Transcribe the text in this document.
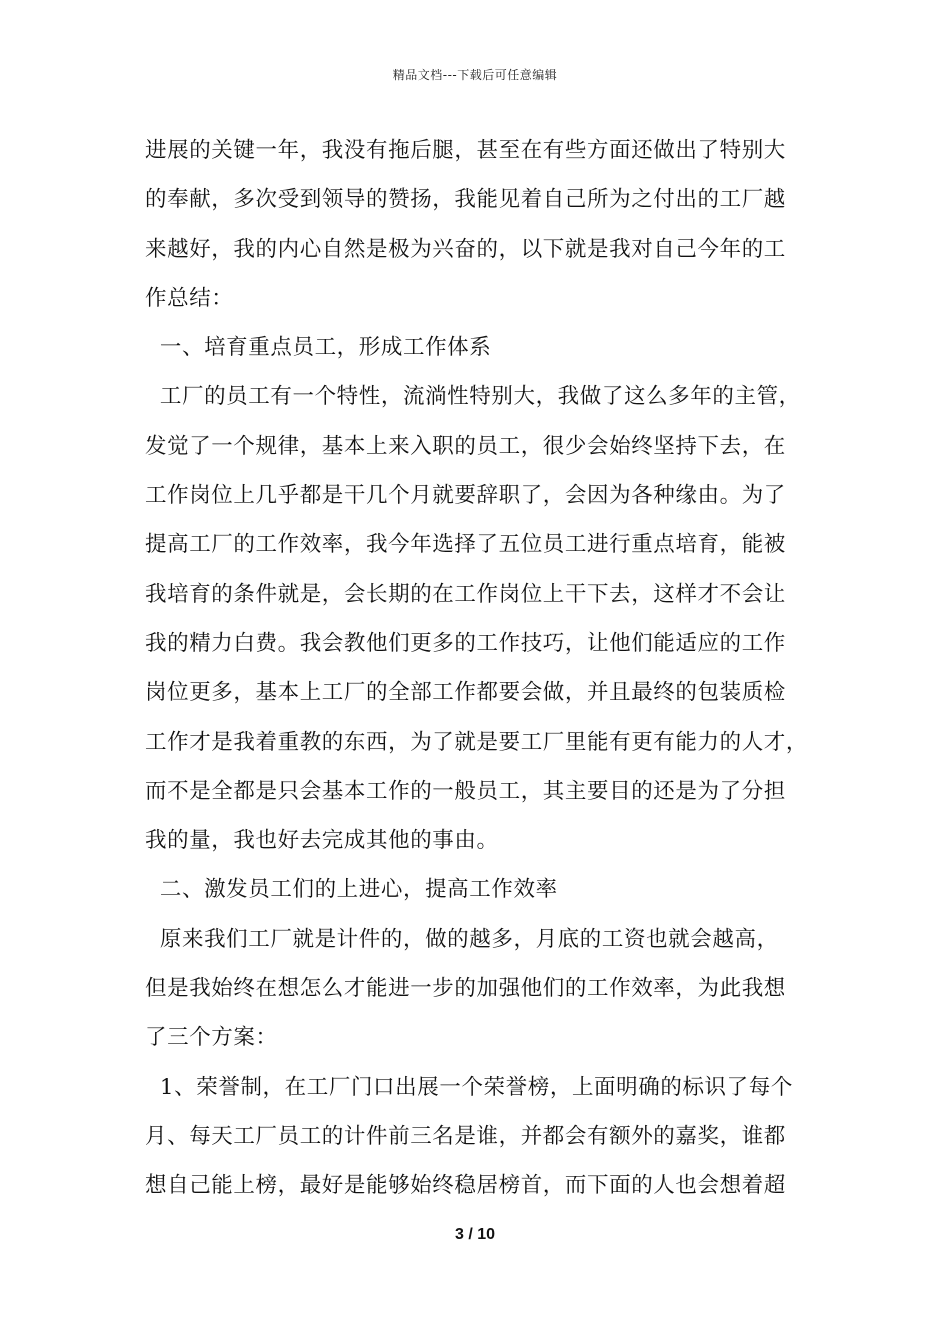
精品文档---下载后可任意编辑
进展的关键一年，我没有拖后腿，甚至在有些方面还做出了特别大
的奉献，多次受到领导的赞扬，我能见着自己所为之付出的工厂越
来越好，我的内心自然是极为兴奋的，以下就是我对自己今年的工
作总结：
一、培育重点员工，形成工作体系
工厂的员工有一个特性，流淌性特别大，我做了这么多年的主管，
发觉了一个规律，基本上来入职的员工，很少会始终坚持下去，在
工作岗位上几乎都是干几个月就要辞职了，会因为各种缘由。为了
提高工厂的工作效率，我今年选择了五位员工进行重点培育，能被
我培育的条件就是，会长期的在工作岗位上干下去，这样才不会让
我的精力白费。我会教他们更多的工作技巧，让他们能适应的工作
岗位更多，基本上工厂的全部工作都要会做，并且最终的包装质检
工作才是我着重教的东西，为了就是要工厂里能有更有能力的人才，
而不是全都是只会基本工作的一般员工，其主要目的还是为了分担
我的量，我也好去完成其他的事由。
二、激发员工们的上进心，提高工作效率
原来我们工厂就是计件的，做的越多，月底的工资也就会越高，
但是我始终在想怎么才能进一步的加强他们的工作效率，为此我想
了三个方案：
1、荣誉制，在工厂门口出展一个荣誉榜，上面明确的标识了每个
月、每天工厂员工的计件前三名是谁，并都会有额外的嘉奖，谁都
想自己能上榜，最好是能够始终稳居榜首，而下面的人也会想着超
3 / 10
